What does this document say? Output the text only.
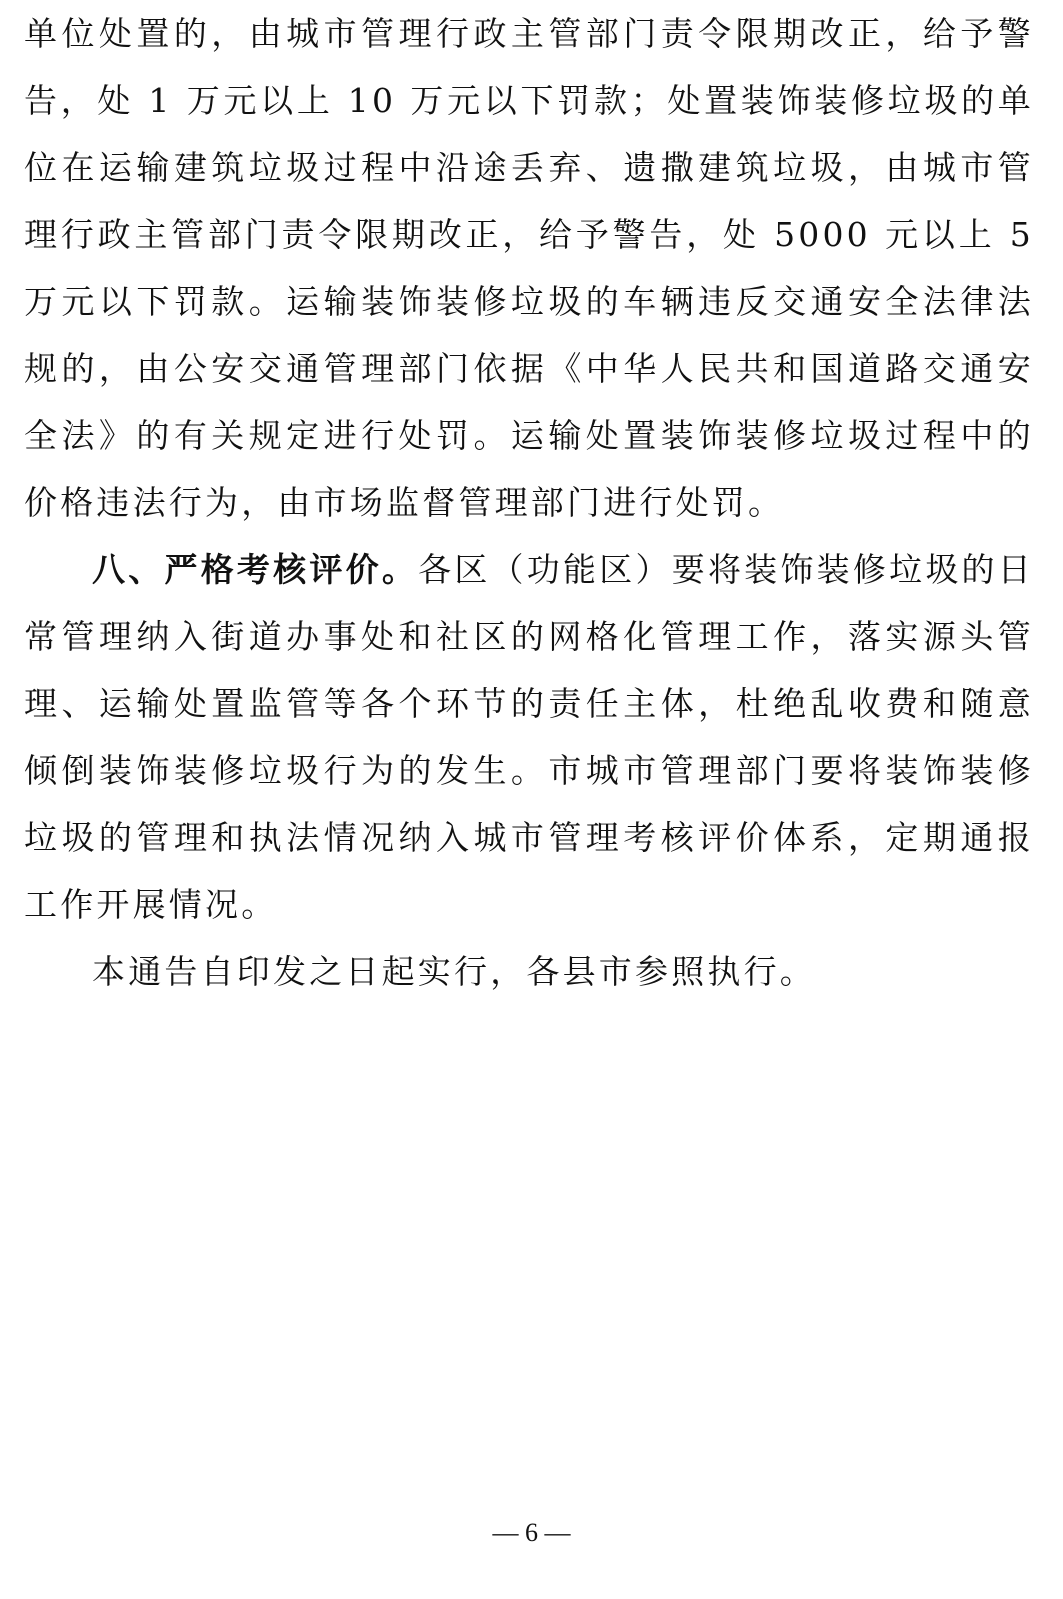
单位处置的，由城市管理行政主管部门责令限期改正，给予警告，处 1 万元以上 10 万元以下罚款；处置装饰装修垃圾的单位在运输建筑垃圾过程中沿途丢弃、遗撒建筑垃圾，由城市管理行政主管部门责令限期改正，给予警告，处 5000 元以上 5 万元以下罚款。运输装饰装修垃圾的车辆违反交通安全法律法规的，由公安交通管理部门依据《中华人民共和国道路交通安全法》的有关规定进行处罚。运输处置装饰装修垃圾过程中的价格违法行为，由市场监督管理部门进行处罚。

八、严格考核评价。各区（功能区）要将装饰装修垃圾的日常管理纳入街道办事处和社区的网格化管理工作，落实源头管理、运输处置监管等各个环节的责任主体，杜绝乱收费和随意倾倒装饰装修垃圾行为的发生。市城市管理部门要将装饰装修垃圾的管理和执法情况纳入城市管理考核评价体系，定期通报工作开展情况。

本通告自印发之日起实行，各县市参照执行。

— 6 —
